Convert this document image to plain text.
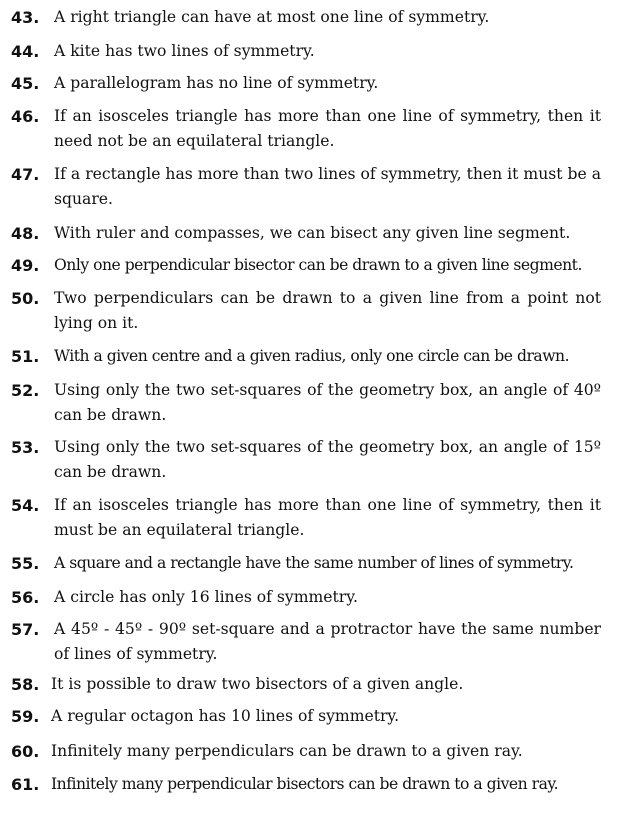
43. A right triangle can have at most one line of symmetry.
44. A kite has two lines of symmetry.
45. A parallelogram has no line of symmetry.
46. If an isosceles triangle has more than one line of symmetry, then it need not be an equilateral triangle.
47. If a rectangle has more than two lines of symmetry, then it must be a square.
48. With ruler and compasses, we can bisect any given line segment.
49. Only one perpendicular bisector can be drawn to a given line segment.
50. Two perpendiculars can be drawn to a given line from a point not lying on it.
51. With a given centre and a given radius, only one circle can be drawn.
52. Using only the two set-squares of the geometry box, an angle of 40º can be drawn.
53. Using only the two set-squares of the geometry box, an angle of 15º can be drawn.
54. If an isosceles triangle has more than one line of symmetry, then it must be an equilateral triangle.
55. A square and a rectangle have the same number of lines of symmetry.
56. A circle has only 16 lines of symmetry.
57. A 45º - 45º - 90º set-square and a protractor have the same number of lines of symmetry.
58. It is possible to draw two bisectors of a given angle.
59. A regular octagon has 10 lines of symmetry.
60. Infinitely many perpendiculars can be drawn to a given ray.
61. Infinitely many perpendicular bisectors can be drawn to a given ray.
